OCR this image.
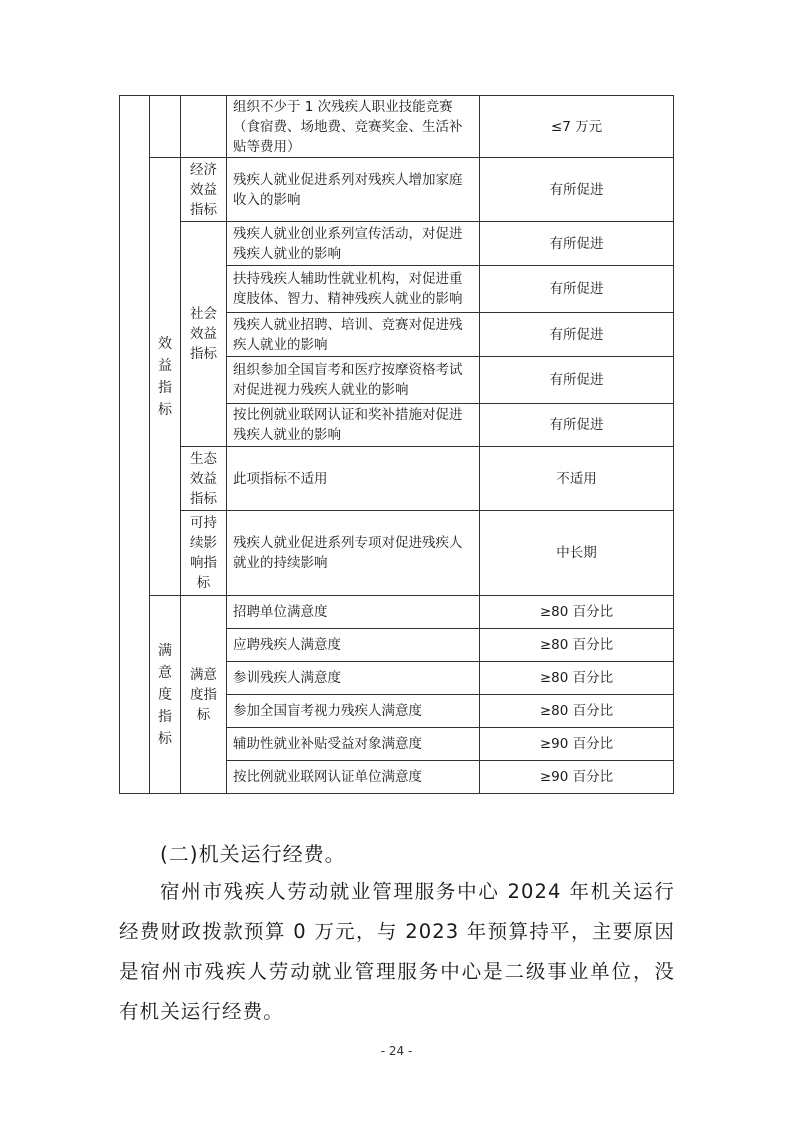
			组织不少于 1 次残疾人职业技能竞赛（食宿费、场地费、竞赛奖金、生活补贴等费用）	≤7 万元

	效益指标	经济效益指标	残疾人就业促进系列对残疾人增加家庭收入的影响	有所促进

		社会效益指标	残疾人就业创业系列宣传活动，对促进残疾人就业的影响	有所促进
			扶持残疾人辅助性就业机构，对促进重度肢体、智力、精神残疾人就业的影响	有所促进
			残疾人就业招聘、培训、竞赛对促进残疾人就业的影响	有所促进
			组织参加全国盲考和医疗按摩资格考试对促进视力残疾人就业的影响	有所促进
			按比例就业联网认证和奖补措施对促进残疾人就业的影响	有所促进

		生态效益指标	此项指标不适用	不适用

		可持续影响指标	残疾人就业促进系列专项对促进残疾人就业的持续影响	中长期

	满意度指标	满意度指标	招聘单位满意度	≥80 百分比
			应聘残疾人满意度	≥80 百分比
			参训残疾人满意度	≥80 百分比
			参加全国盲考视力残疾人满意度	≥80 百分比
			辅助性就业补贴受益对象满意度	≥90 百分比
			按比例就业联网认证单位满意度	≥90 百分比
(二)机关运行经费。

宿州市残疾人劳动就业管理服务中心 2024 年机关运行经费财政拨款预算 0 万元，与 2023 年预算持平，主要原因是宿州市残疾人劳动就业管理服务中心是二级事业单位，没有机关运行经费。

- 24 -
